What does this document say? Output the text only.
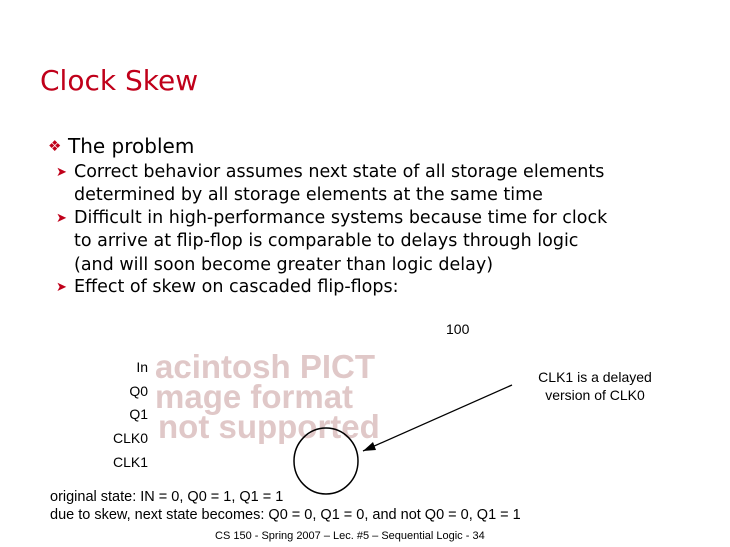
Clock Skew
❖ The problem
➤ Correct behavior assumes next state of all storage elements
determined by all storage elements at the same time
➤ Difficult in high-performance systems because time for clock
to arrive at flip-flop is comparable to delays through logic
(and will soon become greater than logic delay)
➤ Effect of skew on cascaded flip-flops:
100
In
Q0
Q1
CLK0
CLK1
acintosh PICT
mage format
not supported
CLK1 is a delayed version of CLK0
original state: IN = 0, Q0 = 1, Q1 = 1
due to skew, next state becomes: Q0 = 0, Q1 = 0, and not Q0 = 0, Q1 = 1
CS 150 - Spring 2007 – Lec. #5 – Sequential Logic - 34
